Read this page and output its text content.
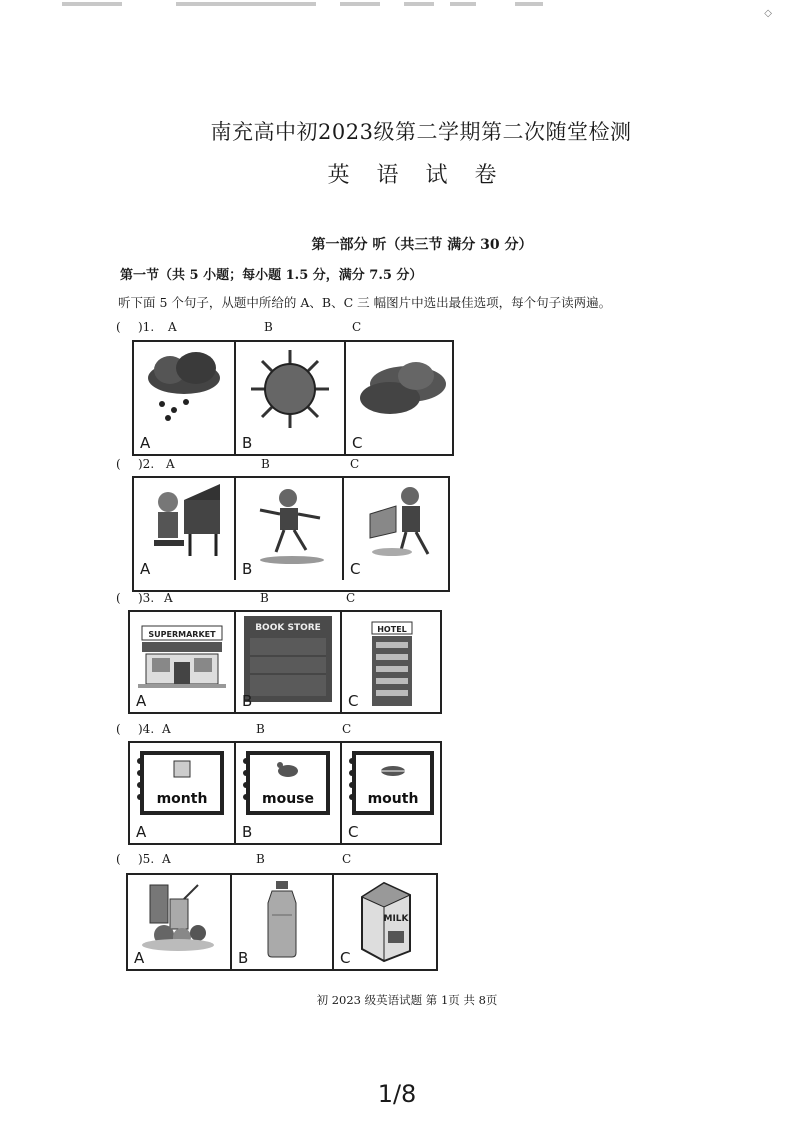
◇
南充高中初2023级第二学期第二次随堂检测
英 语 试 卷
第一部分 听（共三节 满分 30 分）
第一节（共 5 小题；每小题 1.5 分，满分 7.5 分）
听下面 5 个句子，从题中所给的 A、B、C 三 幅图片中选出最佳选项，每个句子读两遍。
( )1. A	B	C
A	B	C
( )2. A	B	C
A	B	C
( )3. A	B	C
SUPERMARKET
A
BOOK STORE
B
HOTEL
C
( )4. A	B	C
month
A
mouse
B
mouth
C
( )5. A	B	C
A	B
MILK
C
初 2023 级英语试题 第 1页 共 8页
1/8
